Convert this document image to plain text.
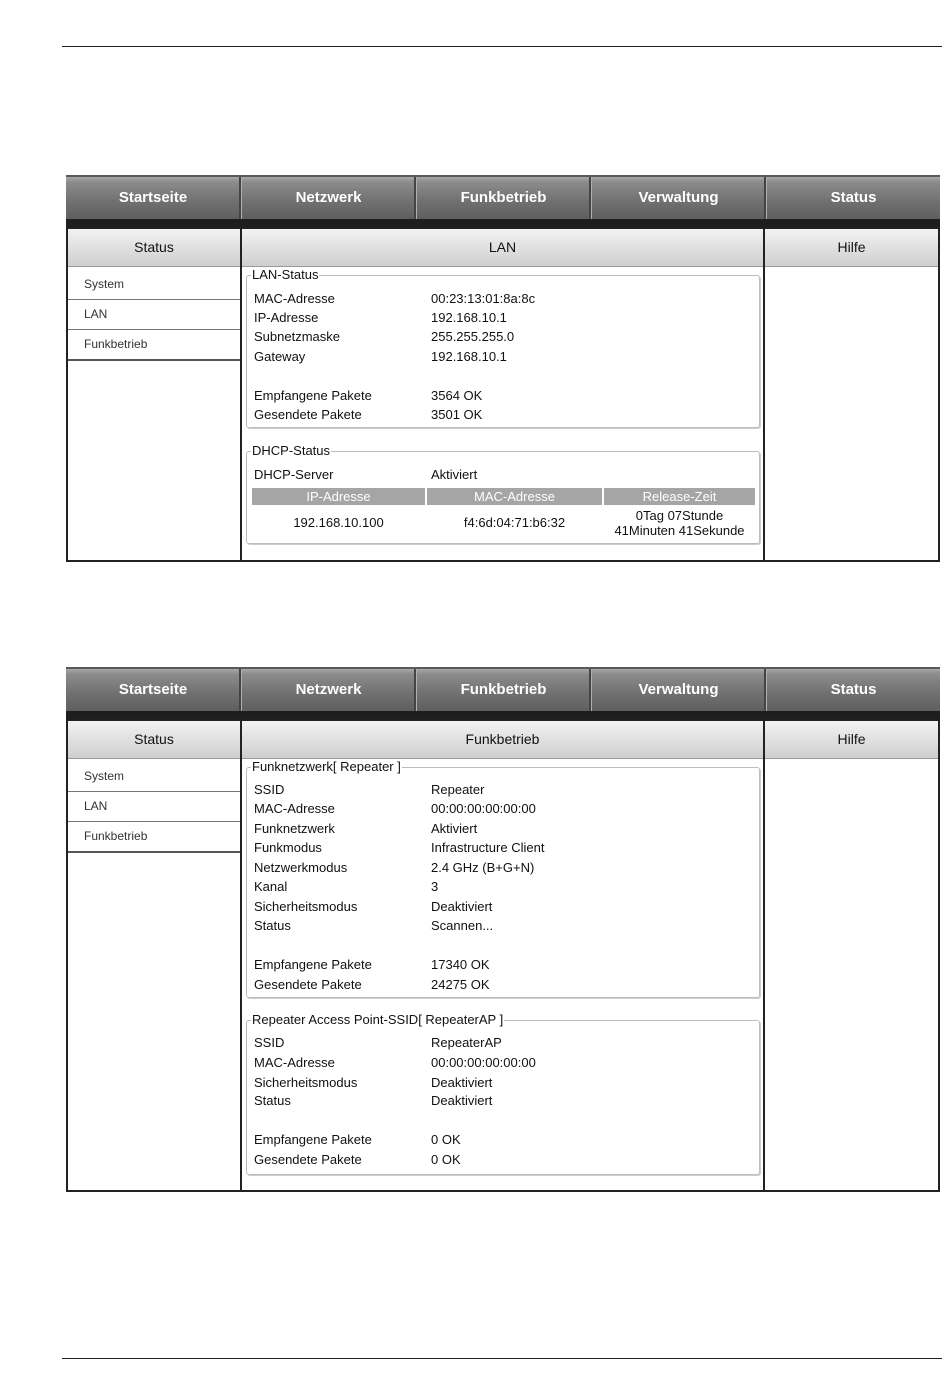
Startseite	Netzwerk	Funkbetrieb	Verwaltung	Status
Status
System
LAN
Funkbetrieb
LAN
LAN-Status
MAC-Adresse	00:23:13:01:8a:8c
IP-Adresse	192.168.10.1
Subnetzmaske	255.255.255.0
Gateway	192.168.10.1
Empfangene Pakete	3564 OK
Gesendete Pakete	3501 OK
DHCP-Status
DHCP-Server	Aktiviert
IP-Adresse	MAC-Adresse	Release-Zeit
192.168.10.100	f4:6d:04:71:b6:32	0Tag 07Stunde
41Minuten 41Sekunde
Hilfe
Startseite	Netzwerk	Funkbetrieb	Verwaltung	Status
Status
System
LAN
Funkbetrieb
Funkbetrieb
Funknetzwerk[ Repeater ]
SSID	Repeater
MAC-Adresse	00:00:00:00:00:00
Funknetzwerk	Aktiviert
Funkmodus	Infrastructure Client
Netzwerkmodus	2.4 GHz (B+G+N)
Kanal	3
Sicherheitsmodus	Deaktiviert
Status	Scannen...
Empfangene Pakete	17340 OK
Gesendete Pakete	24275 OK
Repeater Access Point-SSID[ RepeaterAP ]
SSID	RepeaterAP
MAC-Adresse	00:00:00:00:00:00
Sicherheitsmodus	Deaktiviert
Status	Deaktiviert
Empfangene Pakete	0 OK
Gesendete Pakete	0 OK
Hilfe
